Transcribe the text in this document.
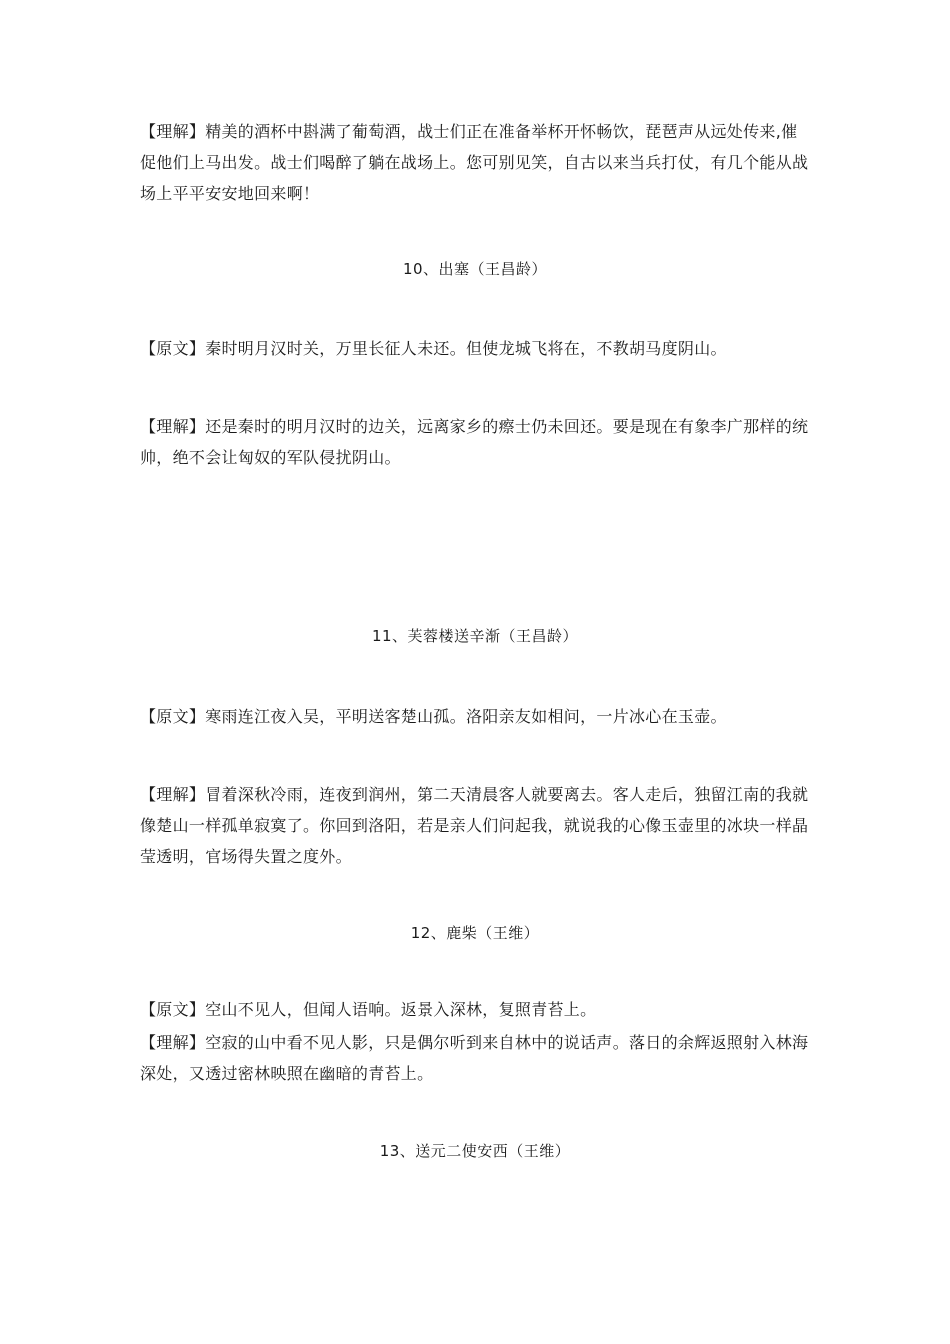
【理解】精美的酒杯中斟满了葡萄酒，战士们正在准备举杯开怀畅饮，琵琶声从远处传来,催促他们上马出发。战士们喝醉了躺在战场上。您可别见笑，自古以来当兵打仗，有几个能从战场上平平安安地回来啊！

10、出塞（王昌龄）

【原文】秦时明月汉时关，万里长征人未还。但使龙城飞将在，不教胡马度阴山。

【理解】还是秦时的明月汉时的边关，远离家乡的瘵士仍未回还。要是现在有象李广那样的统帅，绝不会让匈奴的军队侵扰阴山。

11、芙蓉楼送辛渐（王昌龄）

【原文】寒雨连江夜入吴，平明送客楚山孤。洛阳亲友如相问，一片冰心在玉壶。

【理解】冒着深秋冷雨，连夜到润州，第二天清晨客人就要离去。客人走后，独留江南的我就像楚山一样孤单寂寞了。你回到洛阳，若是亲人们问起我，就说我的心像玉壶里的冰块一样晶莹透明，官场得失置之度外。

12、鹿柴（王维）

【原文】空山不见人，但闻人语响。返景入深林，复照青苔上。

【理解】空寂的山中看不见人影，只是偶尔听到来自林中的说话声。落日的余辉返照射入林海深处，又透过密林映照在幽暗的青苔上。

13、送元二使安西（王维）
